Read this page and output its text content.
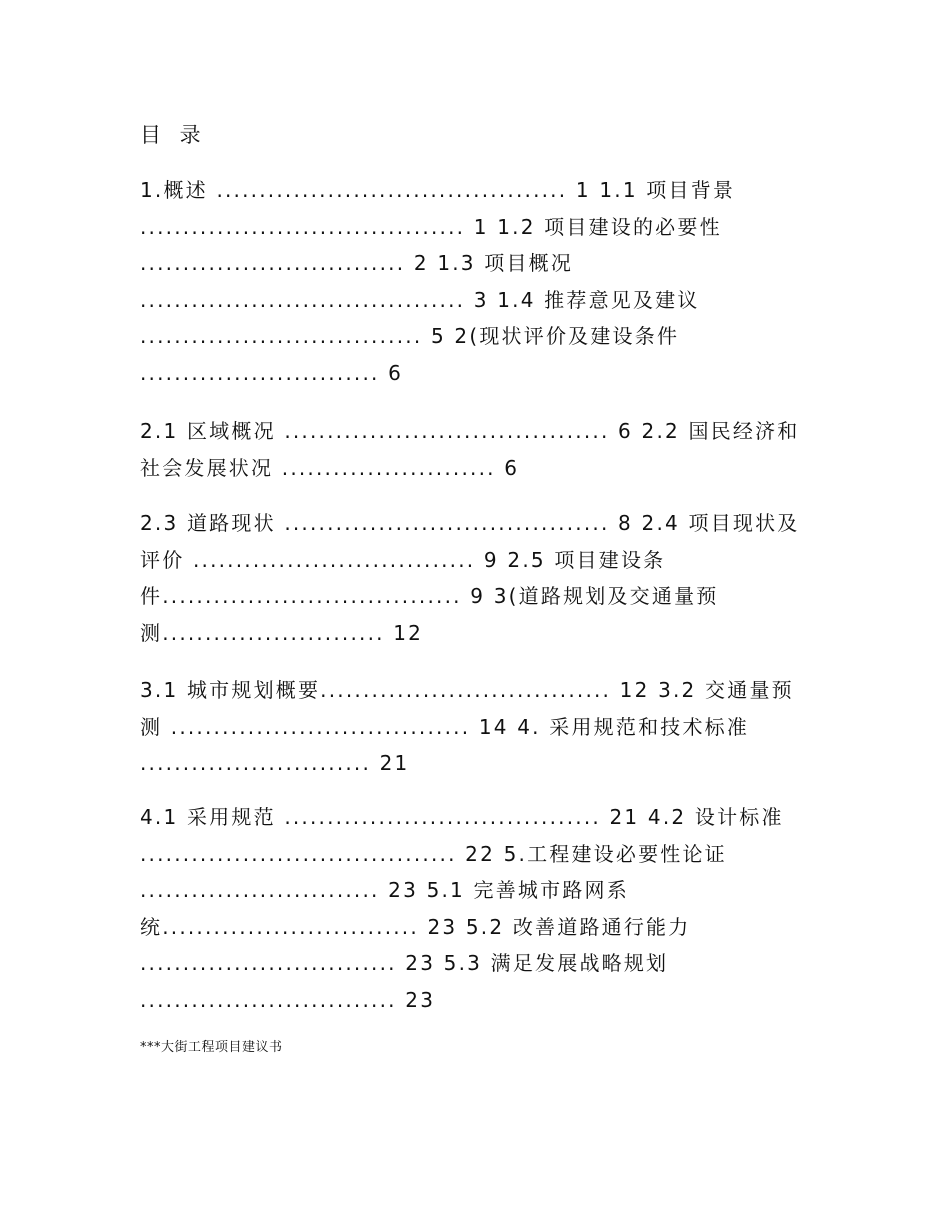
目 录
1.概述 ......................................... 1 1.1 项目背景
...................................... 1 1.2 项目建设的必要性
............................... 2 1.3 项目概况
...................................... 3 1.4 推荐意见及建议
................................. 5 2(现状评价及建设条件
............................ 6
2.1 区域概况 ...................................... 6 2.2 国民经济和
社会发展状况 ......................... 6
2.3 道路现状 ...................................... 8 2.4 项目现状及
评价 ................................. 9 2.5 项目建设条
件................................... 9 3(道路规划及交通量预
测.......................... 12
3.1 城市规划概要.................................. 12 3.2 交通量预
测 ................................... 14 4. 采用规范和技术标准
........................... 21
4.1 采用规范 ..................................... 21 4.2 设计标准
..................................... 22 5.工程建设必要性论证
............................ 23 5.1 完善城市路网系
统.............................. 23 5.2 改善道路通行能力
.............................. 23 5.3 满足发展战略规划
.............................. 23
***大街工程项目建议书
